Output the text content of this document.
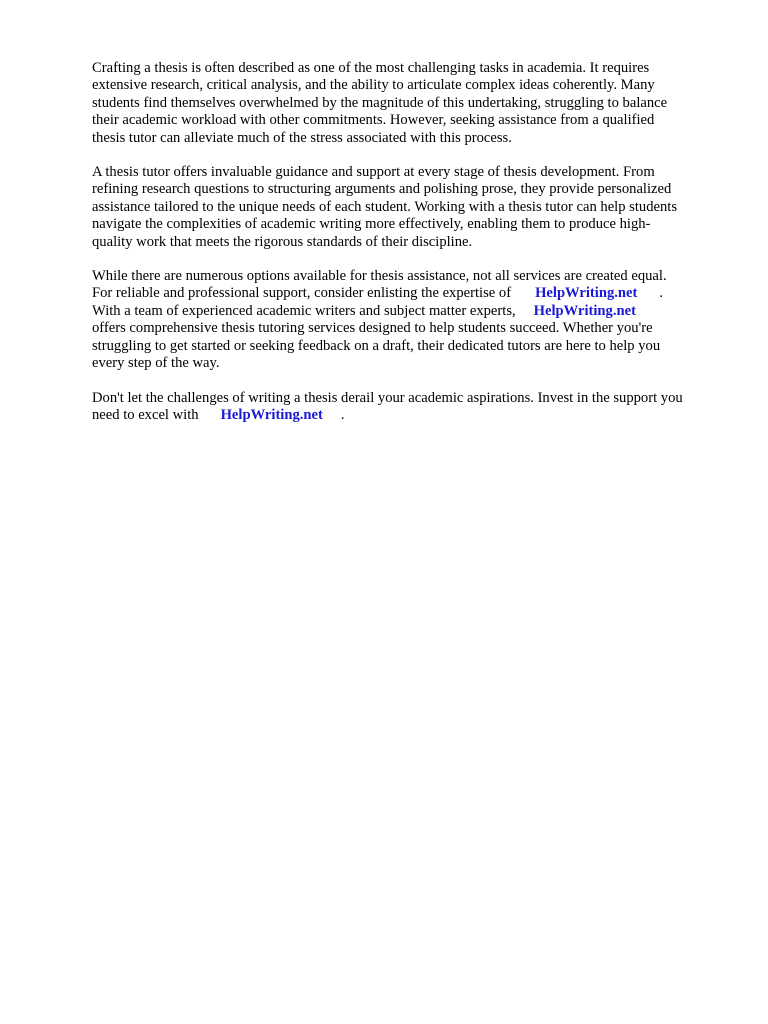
Crafting a thesis is often described as one of the most challenging tasks in academia. It requires
extensive research, critical analysis, and the ability to articulate complex ideas coherently. Many
students find themselves overwhelmed by the magnitude of this undertaking, struggling to balance
their academic workload with other commitments. However, seeking assistance from a qualified
thesis tutor can alleviate much of the stress associated with this process.

A thesis tutor offers invaluable guidance and support at every stage of thesis development. From
refining research questions to structuring arguments and polishing prose, they provide personalized
assistance tailored to the unique needs of each student. Working with a thesis tutor can help students
navigate the complexities of academic writing more effectively, enabling them to produce high-
quality work that meets the rigorous standards of their discipline.

While there are numerous options available for thesis assistance, not all services are created equal.
For reliable and professional support, consider enlisting the expertise of HelpWriting.net .
With a team of experienced academic writers and subject matter experts, HelpWriting.net
offers comprehensive thesis tutoring services designed to help students succeed. Whether you're
struggling to get started or seeking feedback on a draft, their dedicated tutors are here to help you
every step of the way.

Don't let the challenges of writing a thesis derail your academic aspirations. Invest in the support you
need to excel with HelpWriting.net .
